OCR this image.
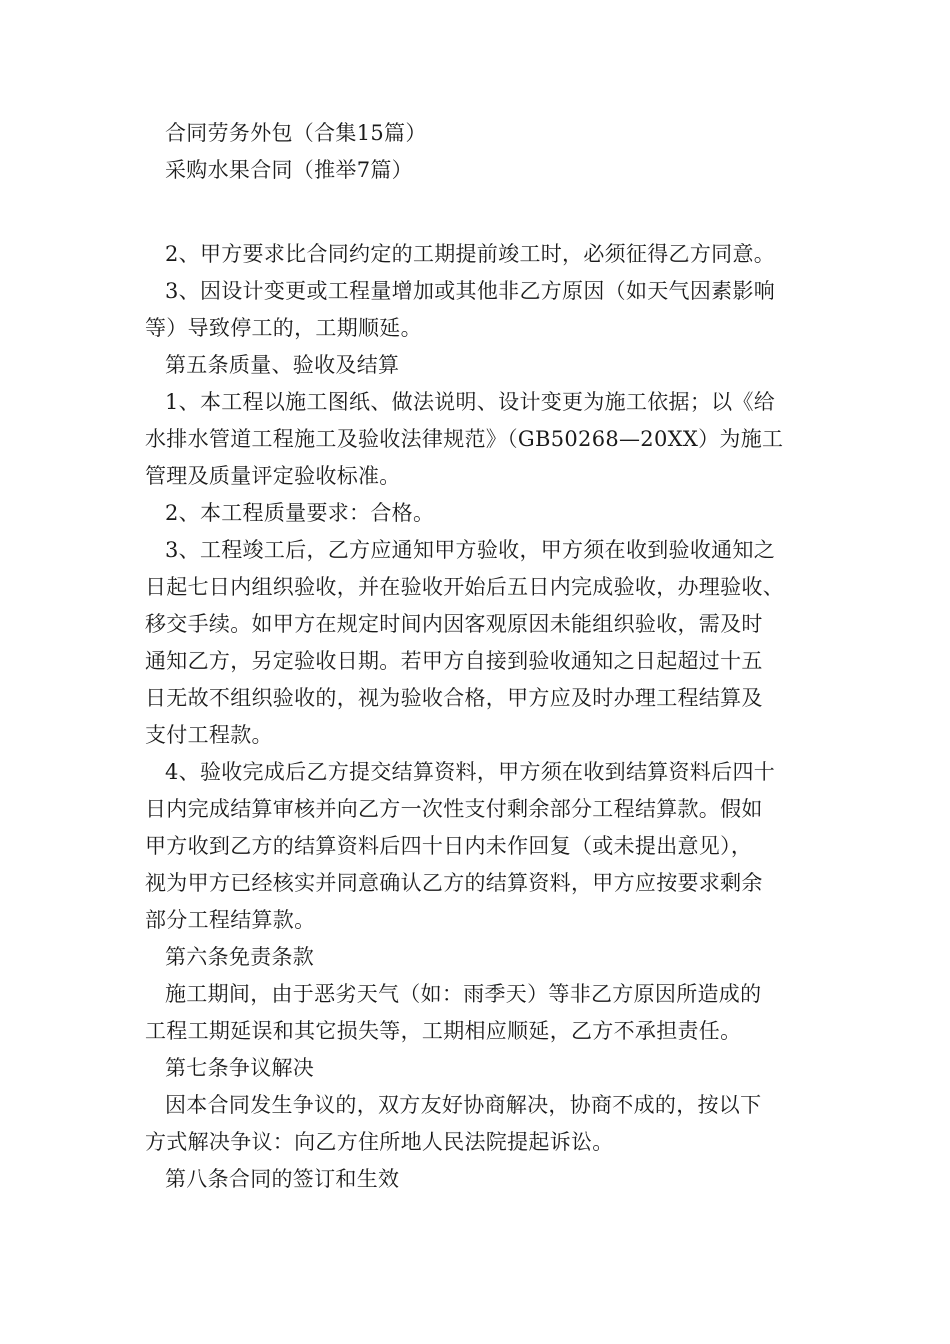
合同劳务外包（合集15篇）
采购水果合同（推举7篇）
2、甲方要求比合同约定的工期提前竣工时，必须征得乙方同意。
3、因设计变更或工程量增加或其他非乙方原因（如天气因素影响
等）导致停工的，工期顺延。
第五条质量、验收及结算
1、本工程以施工图纸、做法说明、设计变更为施工依据；以《给
水排水管道工程施工及验收法律规范》（GB50268—20XX）为施工
管理及质量评定验收标准。
2、本工程质量要求：合格。
3、工程竣工后，乙方应通知甲方验收，甲方须在收到验收通知之
日起七日内组织验收，并在验收开始后五日内完成验收，办理验收、
移交手续。如甲方在规定时间内因客观原因未能组织验收，需及时
通知乙方，另定验收日期。若甲方自接到验收通知之日起超过十五
日无故不组织验收的，视为验收合格，甲方应及时办理工程结算及
支付工程款。
4、验收完成后乙方提交结算资料，甲方须在收到结算资料后四十
日内完成结算审核并向乙方一次性支付剩余部分工程结算款。假如
甲方收到乙方的结算资料后四十日内未作回复（或未提出意见），
视为甲方已经核实并同意确认乙方的结算资料，甲方应按要求剩余
部分工程结算款。
第六条免责条款
施工期间，由于恶劣天气（如：雨季天）等非乙方原因所造成的
工程工期延误和其它损失等，工期相应顺延，乙方不承担责任。
第七条争议解决
因本合同发生争议的，双方友好协商解决，协商不成的，按以下
方式解决争议：向乙方住所地人民法院提起诉讼。
第八条合同的签订和生效
